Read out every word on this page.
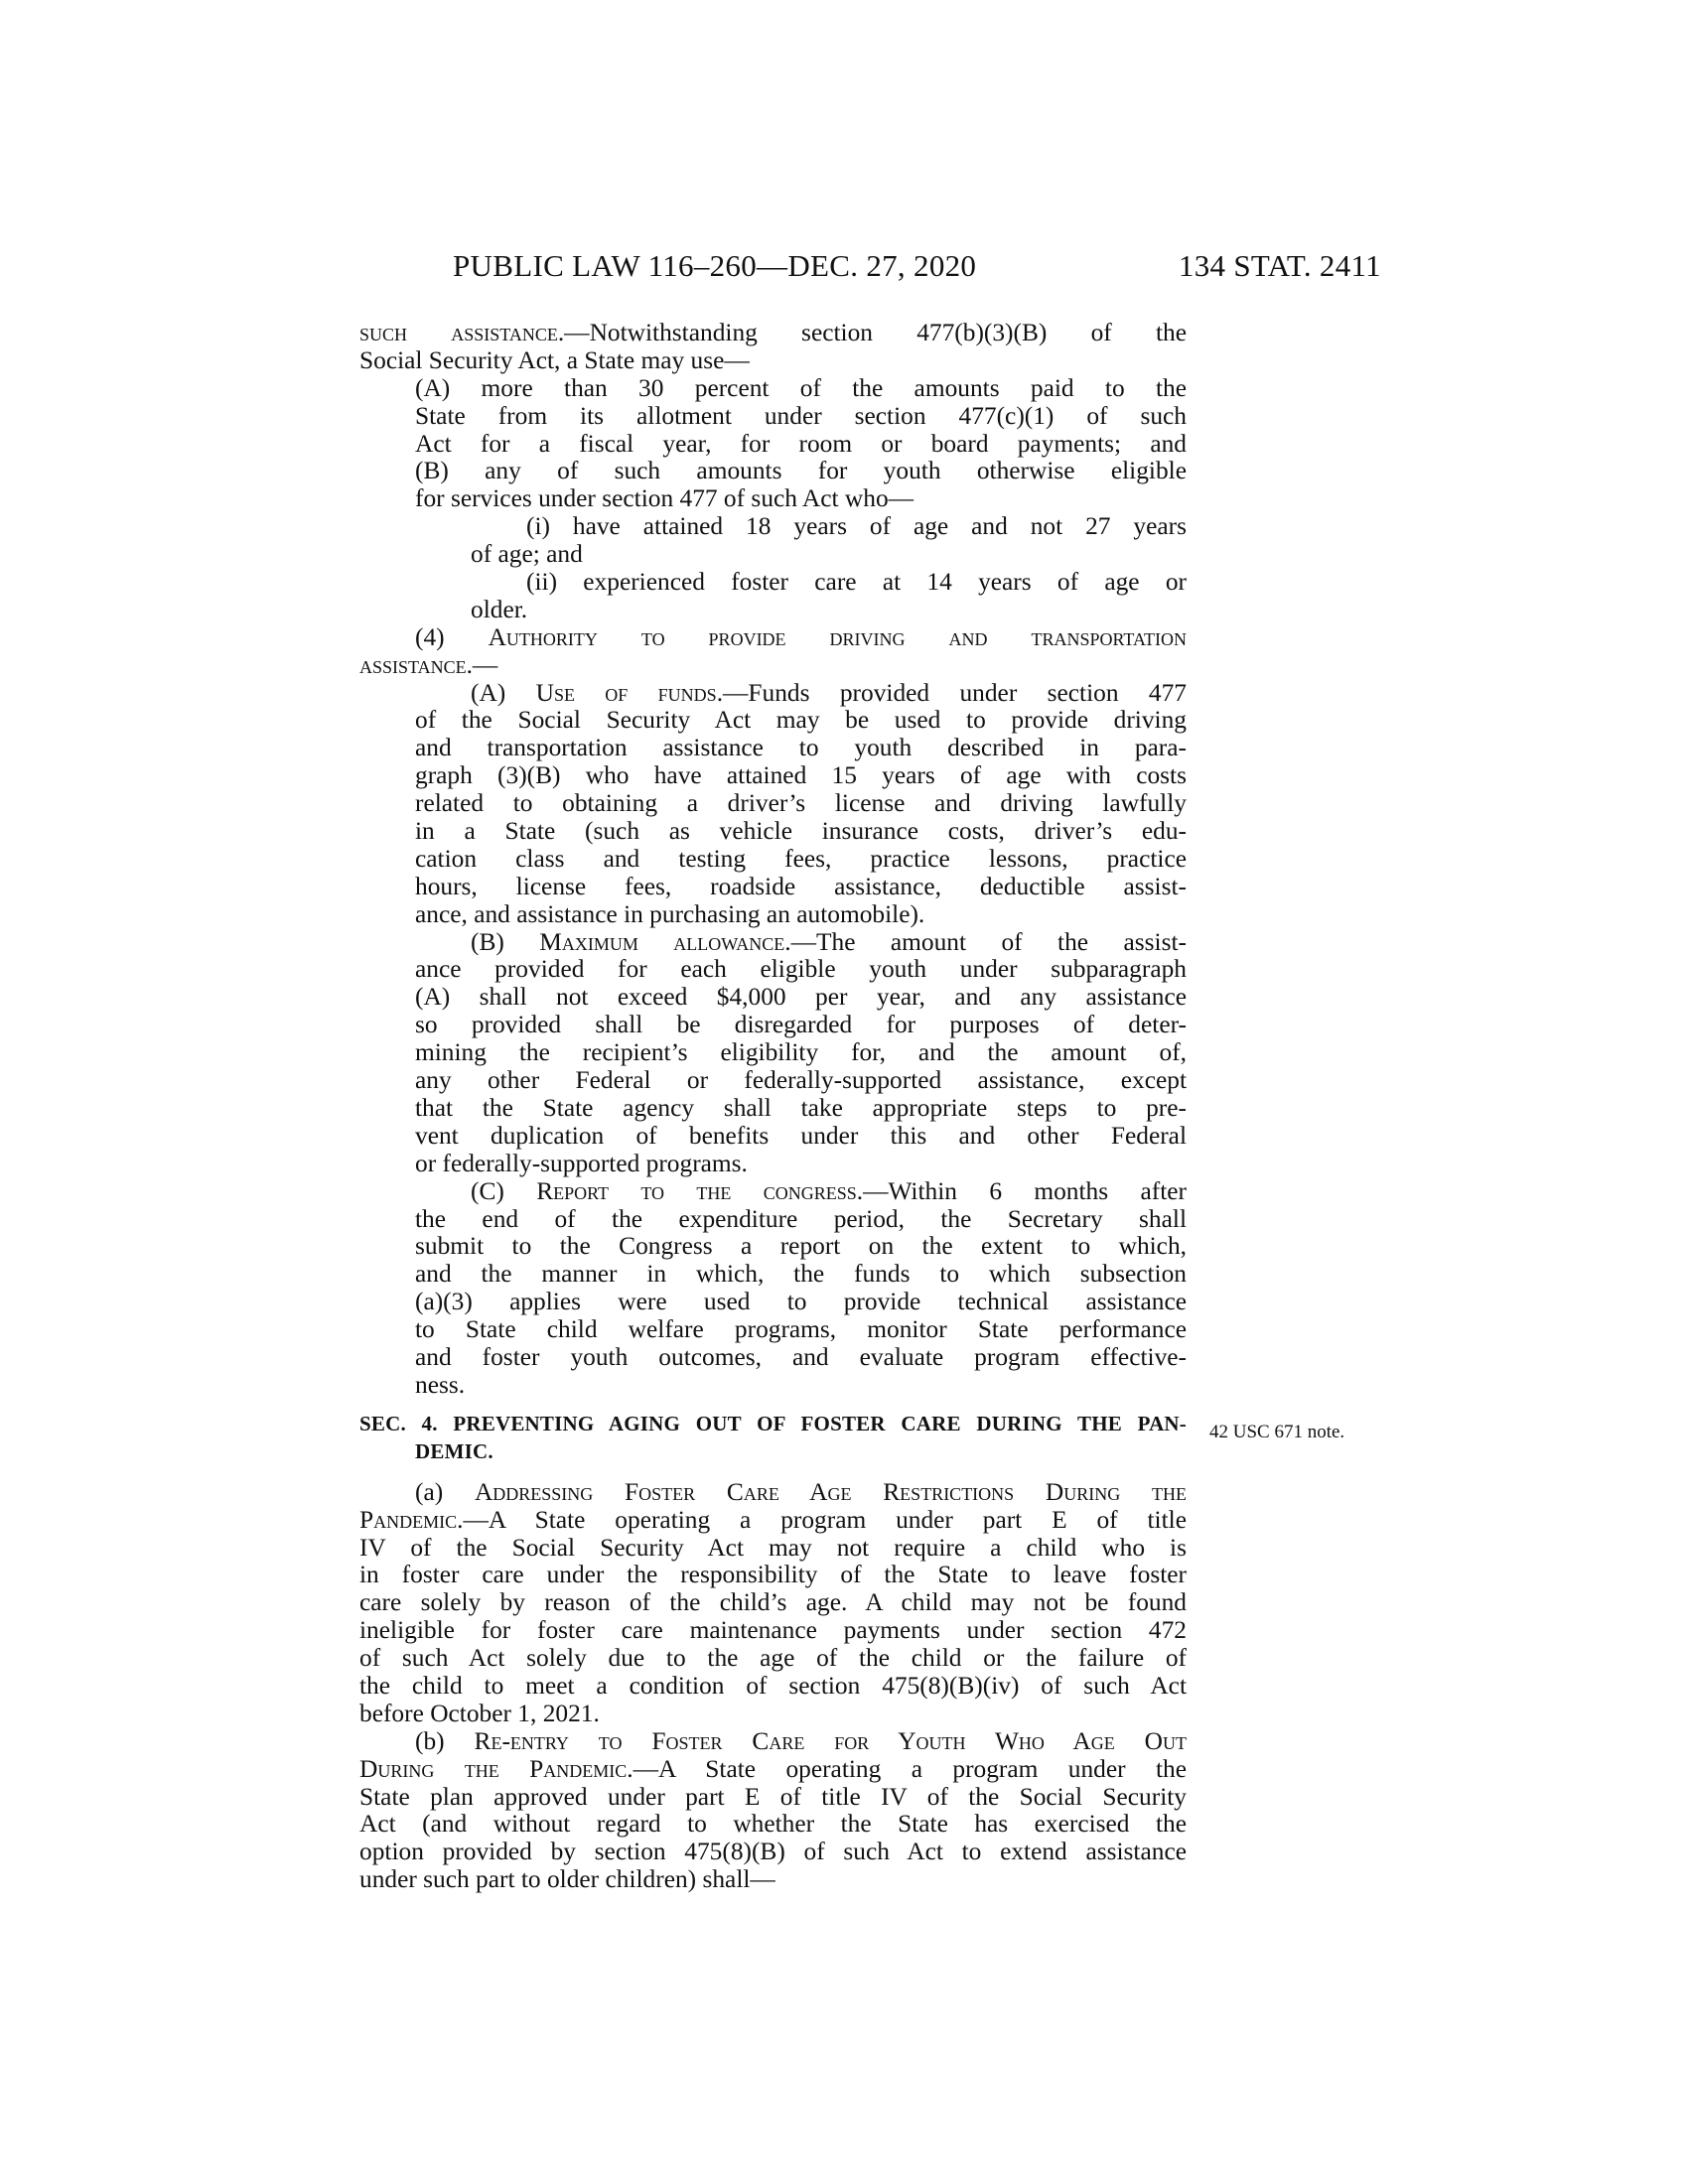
PUBLIC LAW 116–260—DEC. 27, 2020	134 STAT. 2411
such assistance.—Notwithstanding section 477(b)(3)(B) of the
Social Security Act, a State may use—
(A) more than 30 percent of the amounts paid to the
State from its allotment under section 477(c)(1) of such
Act for a fiscal year, for room or board payments; and
(B) any of such amounts for youth otherwise eligible
for services under section 477 of such Act who—
(i) have attained 18 years of age and not 27 years
of age; and
(ii) experienced foster care at 14 years of age or
older.
(4) Authority to provide driving and transportation
assistance.—
(A) Use of funds.—Funds provided under section 477
of the Social Security Act may be used to provide driving
and transportation assistance to youth described in para-
graph (3)(B) who have attained 15 years of age with costs
related to obtaining a driver’s license and driving lawfully
in a State (such as vehicle insurance costs, driver’s edu-
cation class and testing fees, practice lessons, practice
hours, license fees, roadside assistance, deductible assist-
ance, and assistance in purchasing an automobile).
(B) Maximum allowance.—The amount of the assist-
ance provided for each eligible youth under subparagraph
(A) shall not exceed $4,000 per year, and any assistance
so provided shall be disregarded for purposes of deter-
mining the recipient’s eligibility for, and the amount of,
any other Federal or federally-supported assistance, except
that the State agency shall take appropriate steps to pre-
vent duplication of benefits under this and other Federal
or federally-supported programs.
(C) Report to the congress.—Within 6 months after
the end of the expenditure period, the Secretary shall
submit to the Congress a report on the extent to which,
and the manner in which, the funds to which subsection
(a)(3) applies were used to provide technical assistance
to State child welfare programs, monitor State performance
and foster youth outcomes, and evaluate program effective-
ness.
SEC. 4. PREVENTING AGING OUT OF FOSTER CARE DURING THE PAN-
DEMIC.
(a) Addressing Foster Care Age Restrictions During the
Pandemic.—A State operating a program under part E of title
IV of the Social Security Act may not require a child who is
in foster care under the responsibility of the State to leave foster
care solely by reason of the child’s age. A child may not be found
ineligible for foster care maintenance payments under section 472
of such Act solely due to the age of the child or the failure of
the child to meet a condition of section 475(8)(B)(iv) of such Act
before October 1, 2021.
(b) Re-entry to Foster Care for Youth Who Age Out
During the Pandemic.—A State operating a program under the
State plan approved under part E of title IV of the Social Security
Act (and without regard to whether the State has exercised the
option provided by section 475(8)(B) of such Act to extend assistance
under such part to older children) shall—
42 USC 671 note.
